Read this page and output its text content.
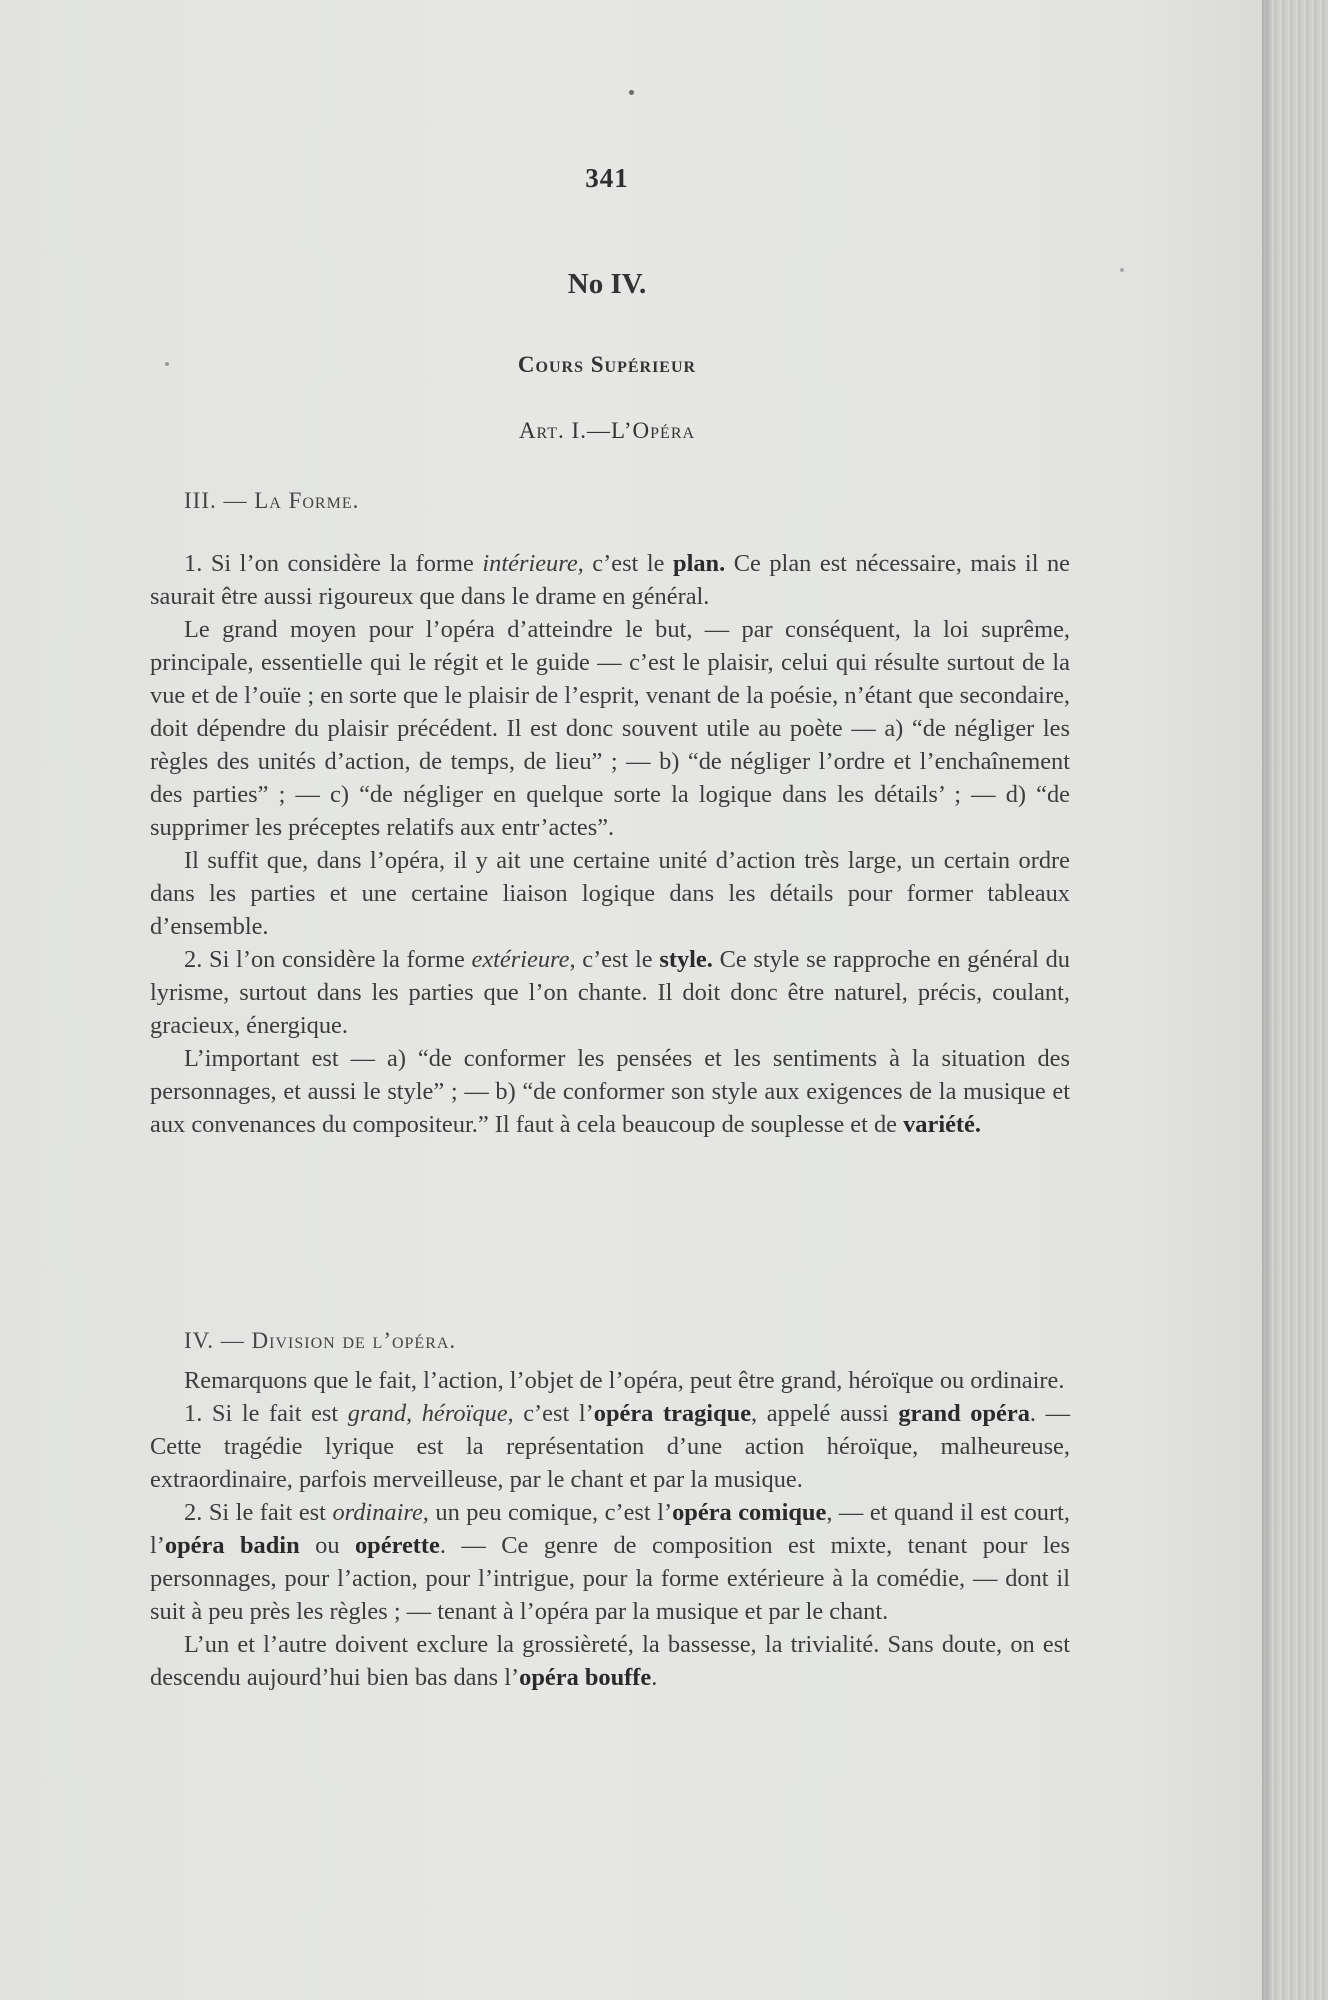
341
No IV.
Cours Supérieur
Art. I.—L’Opéra
III. — La Forme.

1. Si l’on considère la forme intérieure, c’est le plan. Ce plan est nécessaire, mais il ne saurait être aussi rigoureux que dans le drame en général.

Le grand moyen pour l’opéra d’atteindre le but, — par conséquent, la loi suprême, principale, essentielle qui le régit et le guide — c’est le plaisir, celui qui résulte surtout de la vue et de l’ouïe ; en sorte que le plaisir de l’esprit, venant de la poésie, n’étant que secondaire, doit dépendre du plaisir précédent. Il est donc souvent utile au poète — a) “de négliger les règles des unités d’action, de temps, de lieu” ; — b) “de négliger l’ordre et l’enchaînement des parties” ; — c) “de négliger en quelque sorte la logique dans les détails’ ; — d) “de supprimer les préceptes relatifs aux entr’actes”.

Il suffit que, dans l’opéra, il y ait une certaine unité d’action très large, un certain ordre dans les parties et une certaine liaison logique dans les détails pour former tableaux d’ensemble.

2. Si l’on considère la forme extérieure, c’est le style. Ce style se rapproche en général du lyrisme, surtout dans les parties que l’on chante. Il doit donc être naturel, précis, coulant, gracieux, énergique.

L’important est — a) “de conformer les pensées et les sentiments à la situation des personnages, et aussi le style” ; — b) “de conformer son style aux exigences de la musique et aux convenances du compositeur.” Il faut à cela beaucoup de souplesse et de variété.

IV. — Division de l’opéra.

Remarquons que le fait, l’action, l’objet de l’opéra, peut être grand, héroïque ou ordinaire.

1. Si le fait est grand, héroïque, c’est l’opéra tragique, appelé aussi grand opéra. — Cette tragédie lyrique est la représentation d’une action héroïque, malheureuse, extraordinaire, parfois merveilleuse, par le chant et par la musique.

2. Si le fait est ordinaire, un peu comique, c’est l’opéra comique, — et quand il est court, l’opéra badin ou opérette. — Ce genre de composition est mixte, tenant pour les personnages, pour l’action, pour l’intrigue, pour la forme extérieure à la comédie, — dont il suit à peu près les règles ; — tenant à l’opéra par la musique et par le chant.

L’un et l’autre doivent exclure la grossièreté, la bassesse, la trivialité. Sans doute, on est descendu aujourd’hui bien bas dans l’opéra bouffe.
